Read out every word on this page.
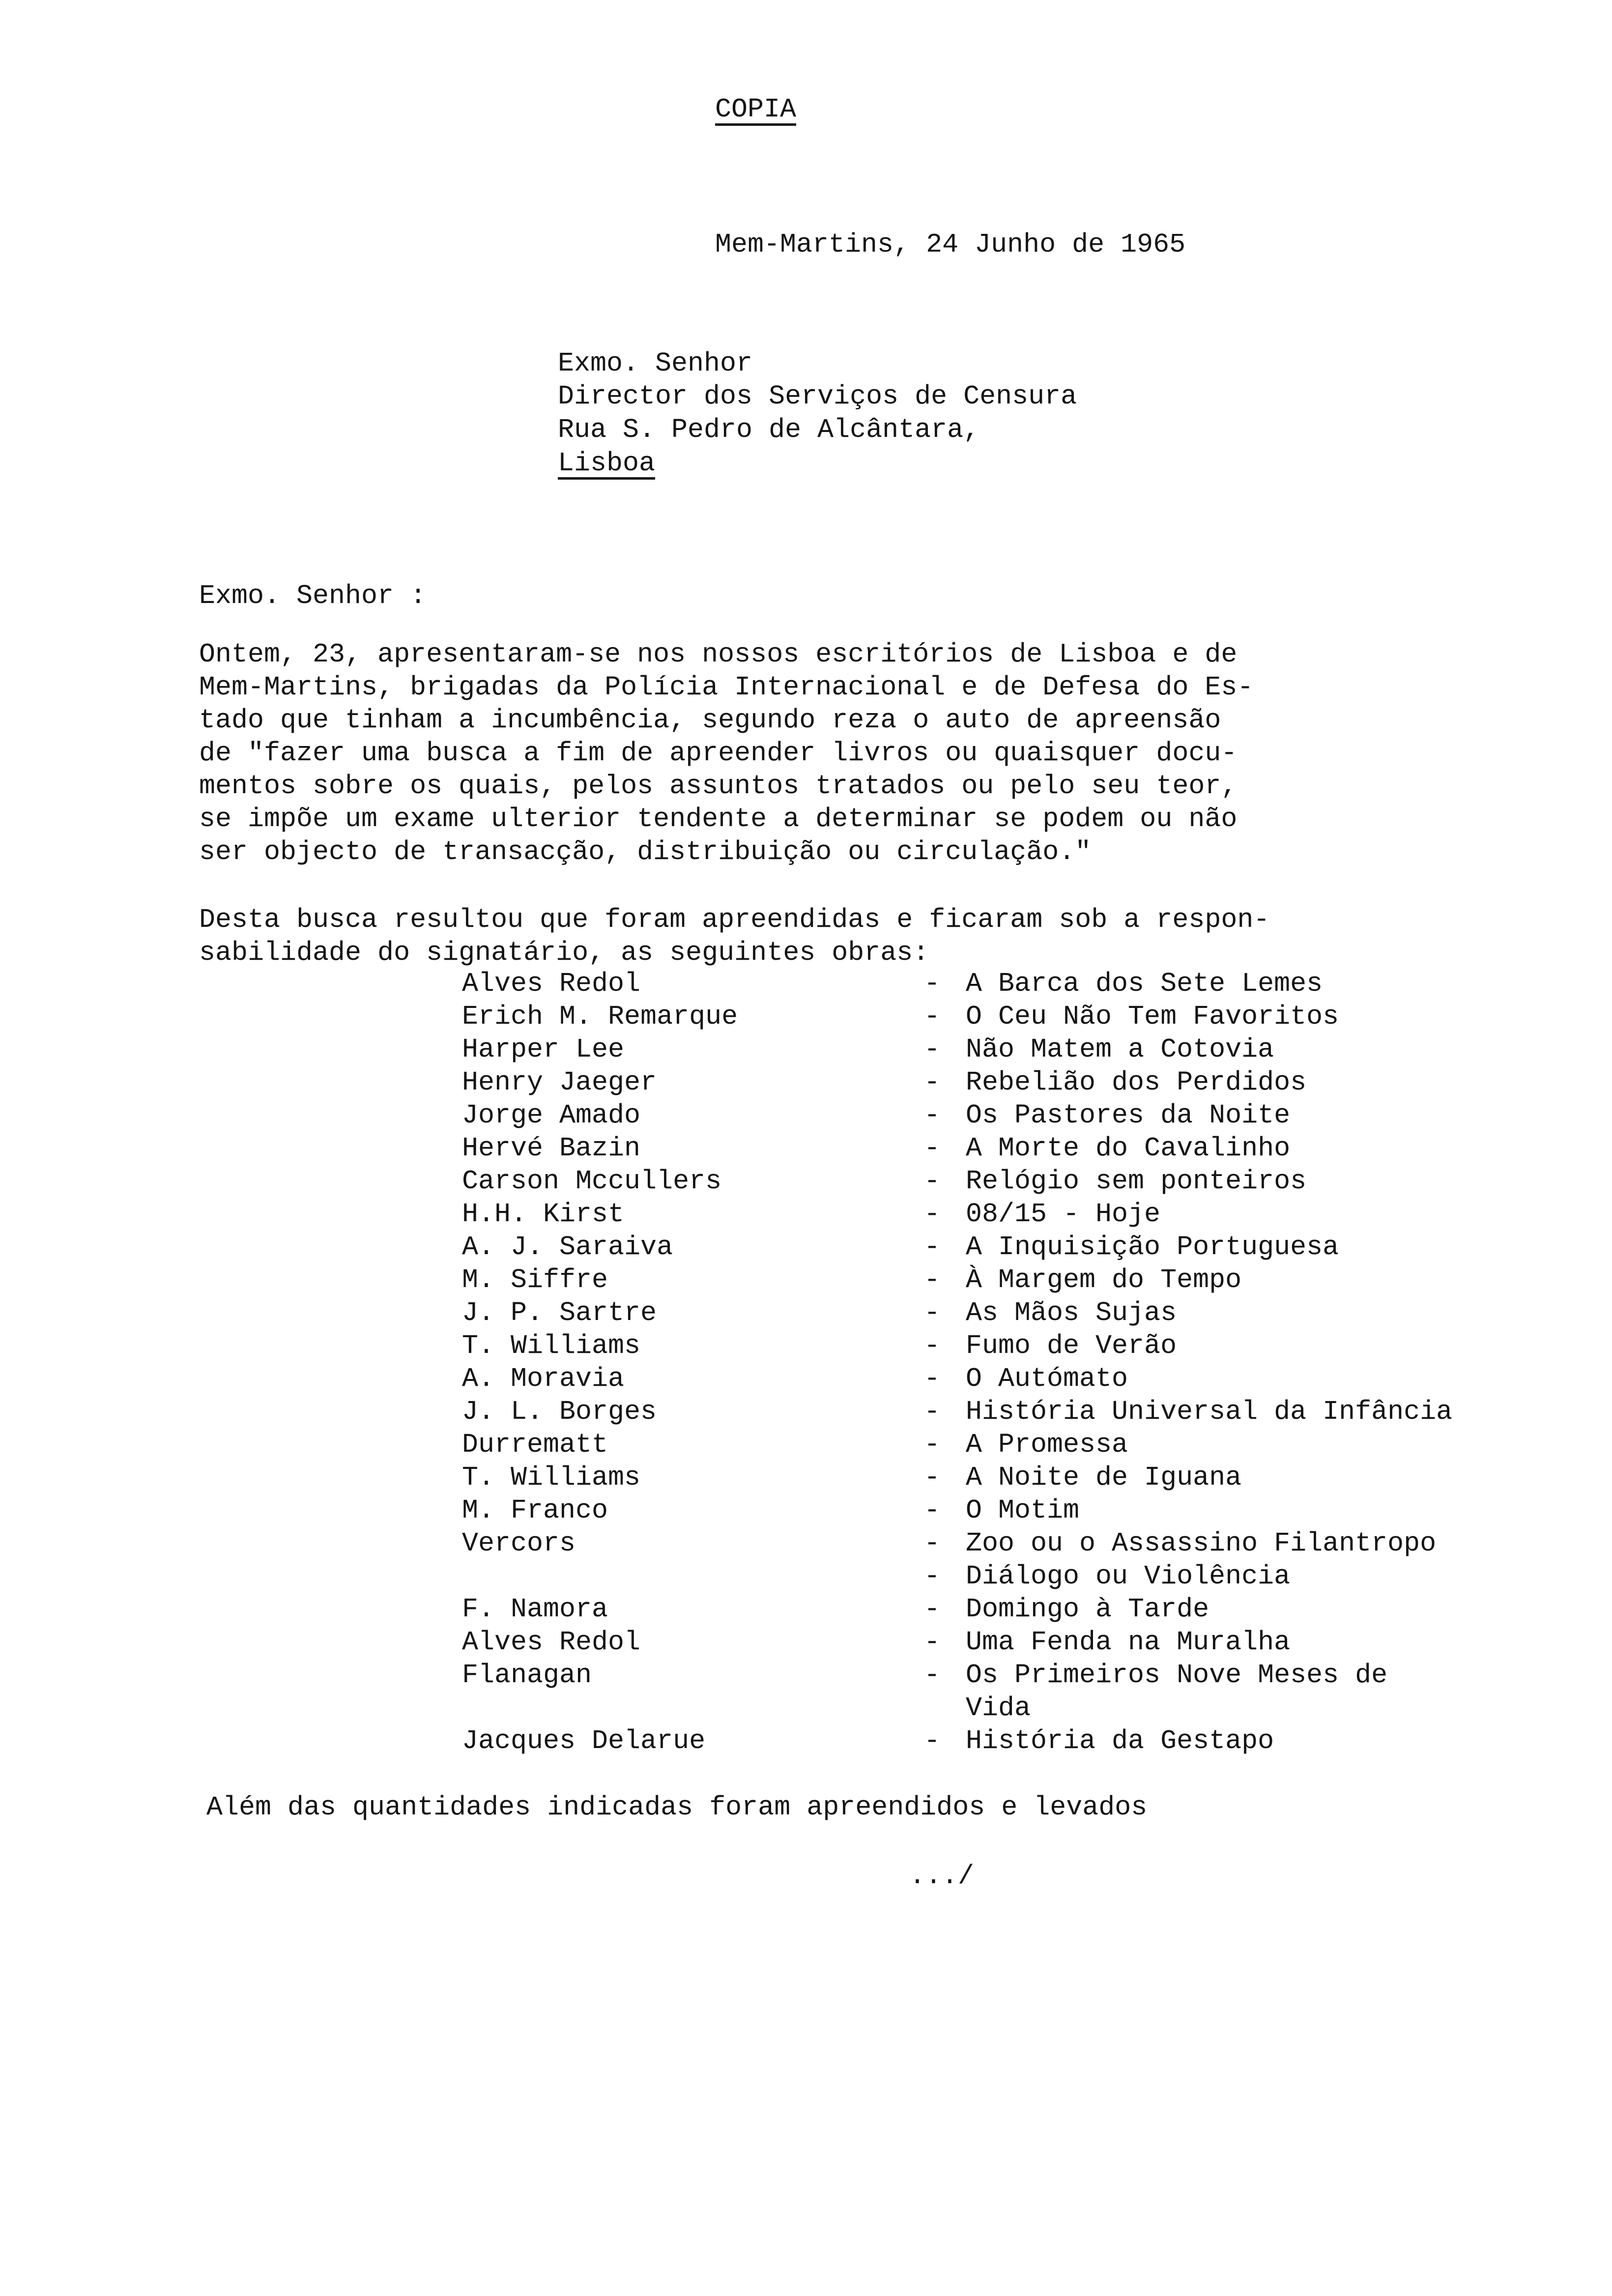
COPIA
Mem-Martins, 24 Junho de 1965
Exmo. Senhor
Director dos Serviços de Censura
Rua S. Pedro de Alcântara,
Lisboa
Exmo. Senhor :
Ontem, 23, apresentaram-se nos nossos escritórios de Lisboa e de
Mem-Martins, brigadas da Polícia Internacional e de Defesa do Es-
tado que tinham a incumbência, segundo reza o auto de apreensão
de "fazer uma busca a fim de apreender livros ou quaisquer docu-
mentos sobre os quais, pelos assuntos tratados ou pelo seu teor,
se impõe um exame ulterior tendente a determinar se podem ou não
ser objecto de transacção, distribuição ou circulação."
Desta busca resultou que foram apreendidas e ficaram sob a respon-
sabilidade do signatário, as seguintes obras:
Alves Redol	- A Barca dos Sete Lemes
Erich M. Remarque	- O Ceu Não Tem Favoritos
Harper Lee	- Não Matem a Cotovia
Henry Jaeger	- Rebelião dos Perdidos
Jorge Amado	- Os Pastores da Noite
Hervé Bazin	- A Morte do Cavalinho
Carson Mccullers	- Relógio sem ponteiros
H.H. Kirst	- 08/15 - Hoje
A. J. Saraiva	- A Inquisição Portuguesa
M. Siffre	- À Margem do Tempo
J. P. Sartre	- As Mãos Sujas
T. Williams	- Fumo de Verão
A. Moravia	- O Autómato
J. L. Borges	- História Universal da Infância
Durrematt	- A Promessa
T. Williams	- A Noite de Iguana
M. Franco	- O Motim
Vercors	- Zoo ou o Assassino Filantropo
- Diálogo ou Violência
F. Namora	- Domingo à Tarde
Alves Redol	- Uma Fenda na Muralha
Flanagan	- Os Primeiros Nove Meses de
Vida
Jacques Delarue	- História da Gestapo
Além das quantidades indicadas foram apreendidos e levados
.../
